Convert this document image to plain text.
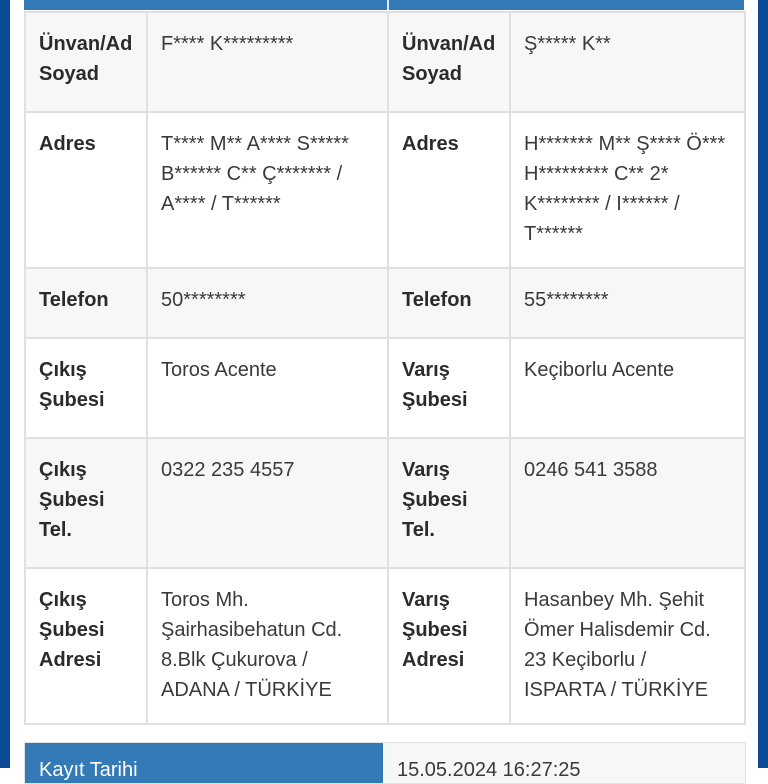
Ünvan/Ad Soyad	F**** K*********	Ünvan/Ad Soyad	Ş***** K**
Adres	T**** M** A**** S***** B****** C** Ç******* / A**** / T******	Adres	H******* M** Ş**** Ö*** H********* C** 2* K******** / I****** / T******
Telefon	50********	Telefon	55********
Çıkış Şubesi	Toros Acente	Varış Şubesi	Keçiborlu Acente
Çıkış Şubesi Tel.	0322 235 4557	Varış Şubesi Tel.	0246 541 3588
Çıkış Şubesi Adresi	Toros Mh. Şairhasibehatun Cd. 8.Blk Çukurova / ADANA / TÜRKİYE	Varış Şubesi Adresi	Hasanbey Mh. Şehit Ömer Halisdemir Cd. 23 Keçiborlu / ISPARTA / TÜRKİYE
Kayıt Tarihi	15.05.2024 16:27:25
